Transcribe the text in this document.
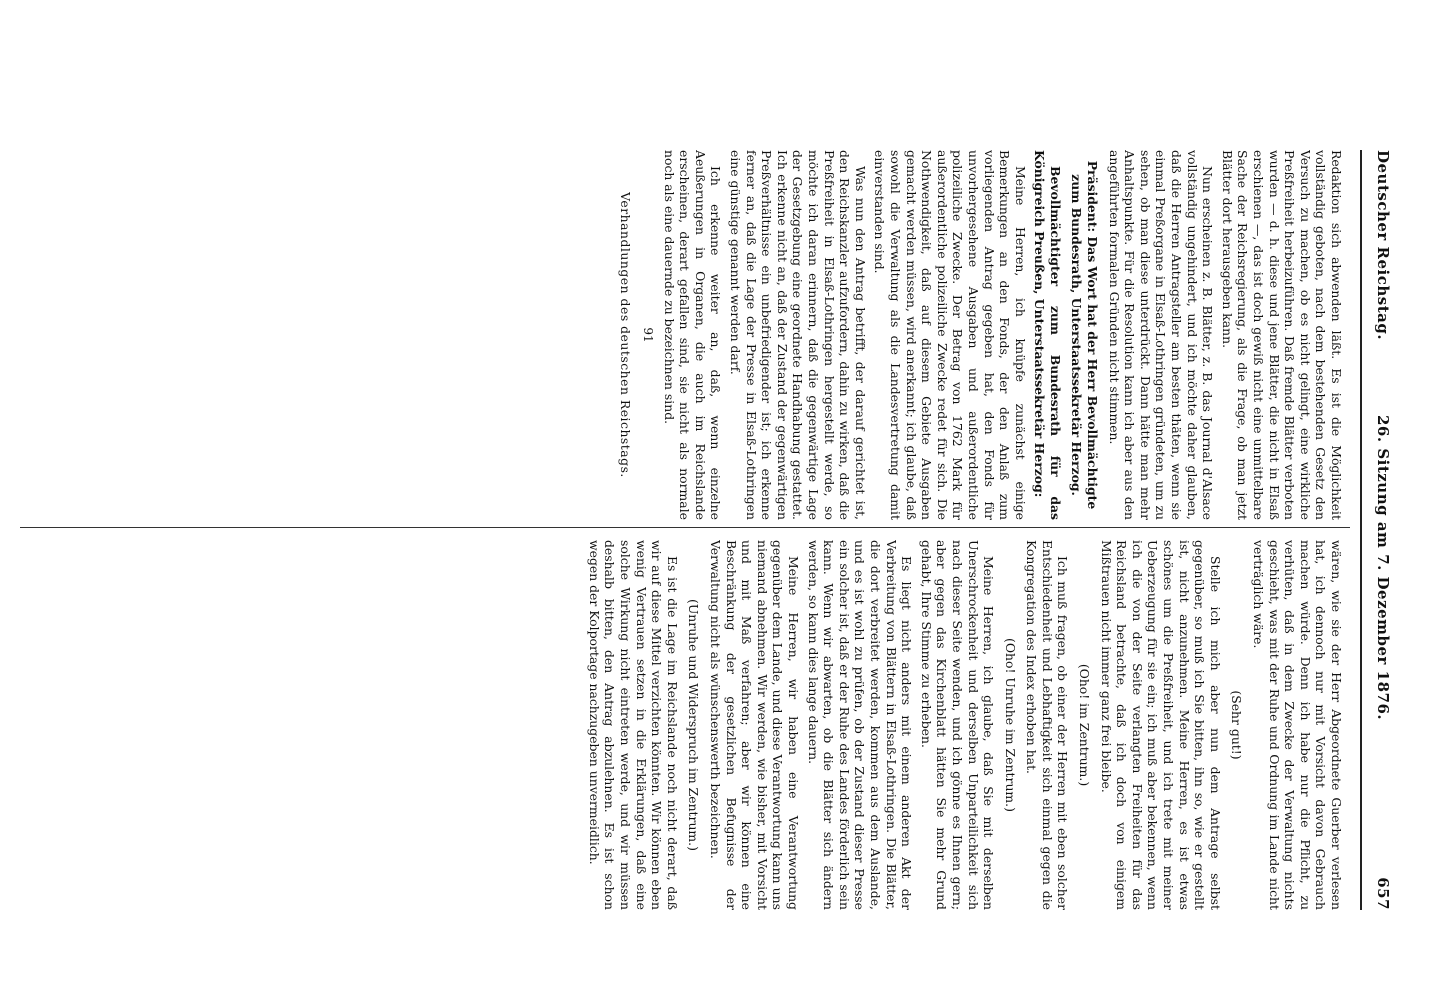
Deutscher Reichstag.
26. Sitzung am 7. Dezember 1876.
657

Redaktion sich abwenden läßt. Es ist die Möglichkeit vollständig geboten, nach dem bestehenden Gesetz den Versuch zu machen, ob es nicht gelingt, eine wirkliche Preßfreiheit herbeizuführen. Daß fremde Blätter verboten wurden — d. h. diese und jene Blätter, die nicht in Elsaß erschienen —, das ist doch gewiß nicht eine unmittelbare Sache der Reichsregierung, als die Frage, ob man jetzt Blätter dort herausgeben kann.

Nun erscheinen z. B. Blätter, z. B. das Journal d'Alsace vollständig ungehindert, und ich möchte daher glauben, daß die Herren Antragsteller am besten thäten, wenn sie einmal Preßorgane in Elsaß-Lothringen gründeten, um zu sehen, ob man diese unterdrückt. Dann hätte man mehr Anhaltspunkte. Für die Resolution kann ich aber aus den angeführten formalen Gründen nicht stimmen.

Präsident: Das Wort hat der Herr Bevollmächtigte zum Bundesrath, Unterstaatssekretär Herzog.

Bevollmächtigter zum Bundesrath für das Königreich Preußen, Unterstaatssekretär Herzog:

Meine Herren, ich knüpfe zunächst einige Bemerkungen an den Fonds, der den Anlaß zum vorliegenden Antrag gegeben hat, den Fonds für unvorhergesehene Ausgaben und außerordentliche polizeiliche Zwecke. Der Betrag von 1762 Mark für außerordentliche polizeiliche Zwecke redet für sich. Die Nothwendigkeit, daß auf diesem Gebiete Ausgaben gemacht werden müssen, wird anerkannt; ich glaube, daß sowohl die Verwaltung als die Landesvertretung damit einverstanden sind.

Was nun den Antrag betrifft, der darauf gerichtet ist, den Reichskanzler aufzufordern, dahin zu wirken, daß die Preßfreiheit in Elsaß-Lothringen hergestellt werde, so möchte ich daran erinnern, daß die gegenwärtige Lage der Gesetzgebung eine geordnete Handhabung gestattet. Ich erkenne nicht an, daß der Zustand der gegenwärtigen Preßverhältnisse ein unbefriedigender ist; ich erkenne ferner an, daß die Lage der Presse in Elsaß-Lothringen eine günstige genannt werden darf.

Ich erkenne weiter an, daß, wenn einzelne Aeußerungen in Organen, die auch im Reichslande erscheinen, derart gefallen sind, sie nicht als normale noch als eine dauernde zu bezeichnen sind.

91

Verhandlungen des deutschen Reichstags.

wären, wie sie der Herr Abgeordnete Guerber verlesen hat, ich dennoch nur mit Vorsicht davon Gebrauch machen würde. Denn ich habe nur die Pflicht, zu verhüten, daß in dem Zwecke der Verwaltung nichts geschieht, was mit der Ruhe und Ordnung im Lande nicht verträglich wäre.

(Sehr gut!)

Stelle ich mich aber nun dem Antrage selbst gegenüber, so muß ich Sie bitten, ihn so, wie er gestellt ist, nicht anzunehmen. Meine Herren, es ist etwas schönes um die Preßfreiheit, und ich trete mit meiner Ueberzeugung für sie ein; ich muß aber bekennen, wenn ich die von der Seite verlangten Freiheiten für das Reichsland betrachte, daß ich doch von einigem Mißtrauen nicht immer ganz frei bleibe.

(Oho! im Zentrum.)

Ich muß fragen, ob einer der Herren mit eben solcher Entschiedenheit und Lebhaftigkeit sich einmal gegen die Kongregation des Index erhoben hat.

(Oho! Unruhe im Zentrum.)

Meine Herren, ich glaube, daß Sie mit derselben Unerschrockenheit und derselben Unparteilichkeit sich nach dieser Seite wenden, und ich gönne es Ihnen gern; aber gegen das Kirchenblatt hätten Sie mehr Grund gehabt, Ihre Stimme zu erheben.

Es liegt nicht anders mit einem anderen Akt der Verbreitung von Blättern in Elsaß-Lothringen. Die Blätter, die dort verbreitet werden, kommen aus dem Auslande, und es ist wohl zu prüfen, ob der Zustand dieser Presse ein solcher ist, daß er der Ruhe des Landes förderlich sein kann. Wenn wir abwarten, ob die Blätter sich ändern werden, so kann dies lange dauern.

Meine Herren, wir haben eine Verantwortung gegenüber dem Lande, und diese Verantwortung kann uns niemand abnehmen. Wir werden, wie bisher, mit Vorsicht und mit Maß verfahren; aber wir können eine Beschränkung der gesetzlichen Befugnisse der Verwaltung nicht als wünschenswerth bezeichnen.

(Unruhe und Widerspruch im Zentrum.)

Es ist die Lage im Reichslande noch nicht derart, daß wir auf diese Mittel verzichten könnten. Wir können eben wenig Vertrauen setzen in die Erklärungen, daß eine solche Wirkung nicht eintreten werde, und wir müssen deshalb bitten, den Antrag abzulehnen. Es ist schon wegen der Kolportage nachzugeben unvermeidlich.
